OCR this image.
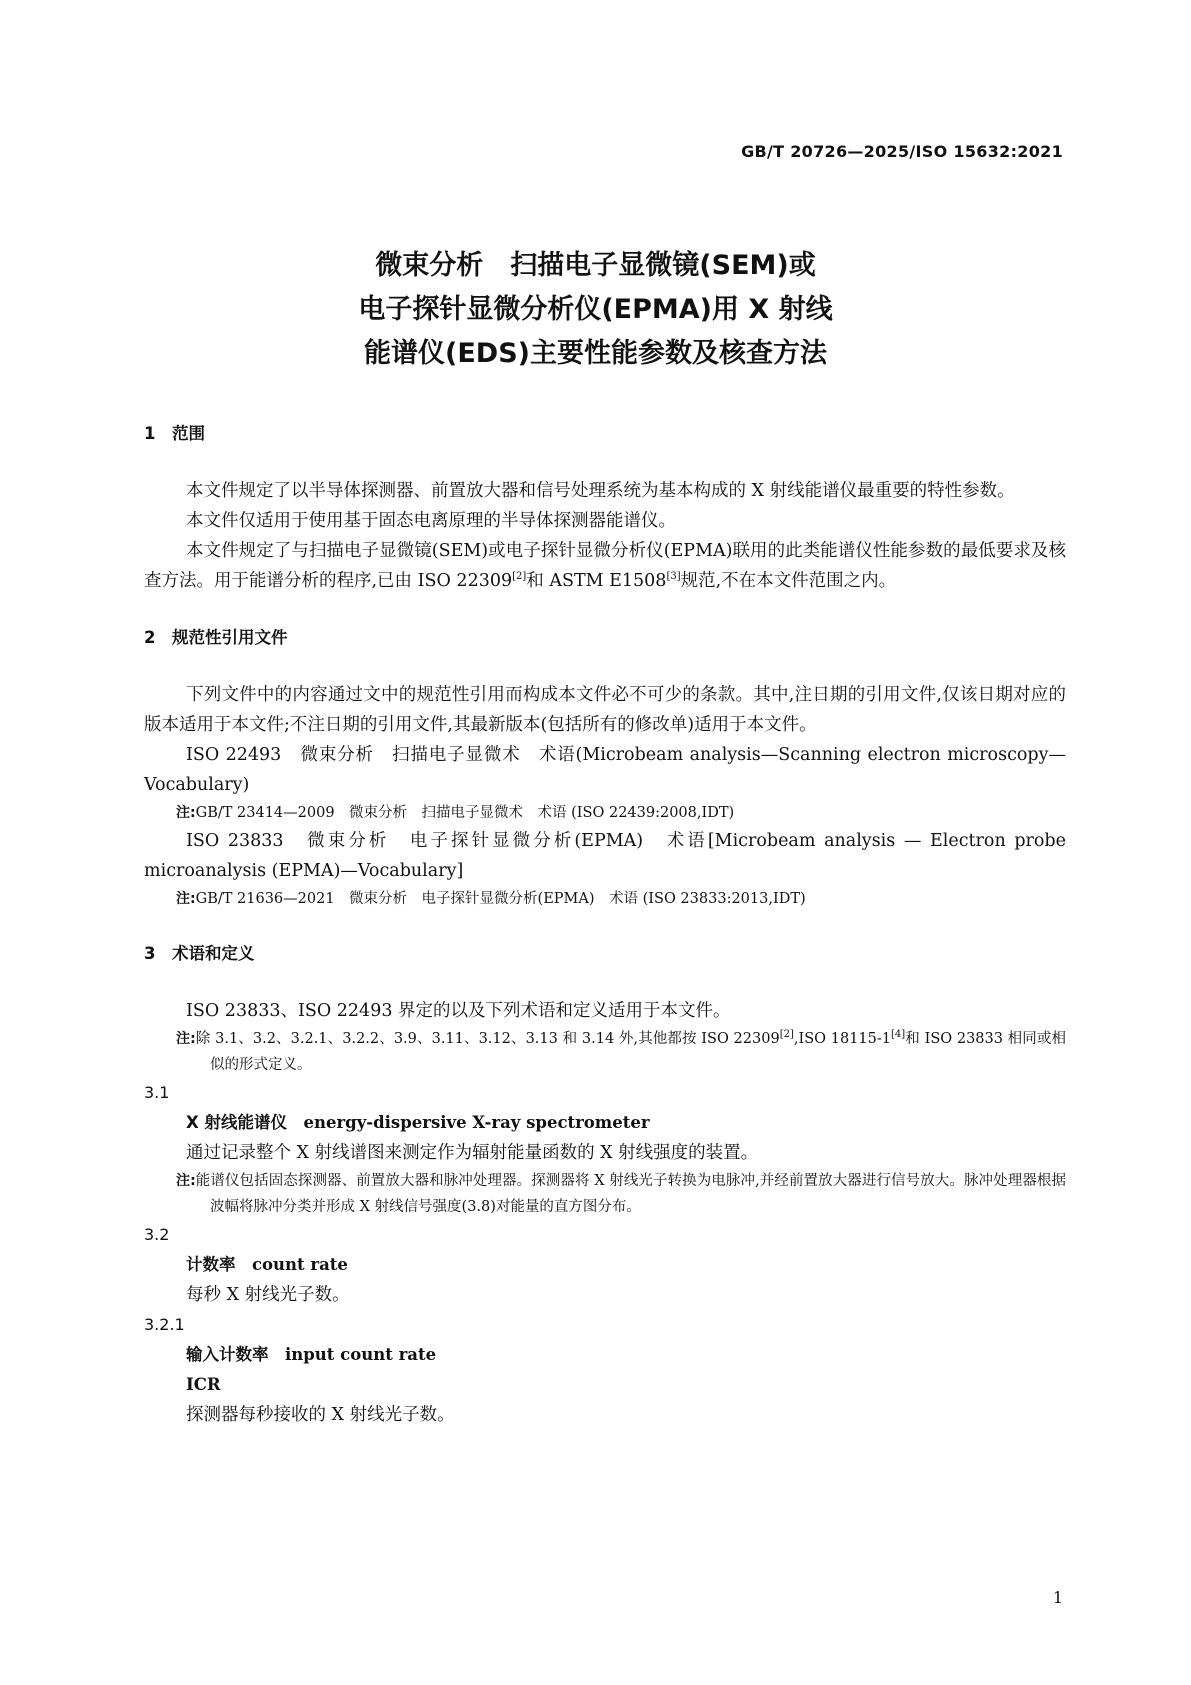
GB/T 20726—2025/ISO 15632:2021
微束分析　扫描电子显微镜(SEM)或
电子探针显微分析仪(EPMA)用 X 射线
能谱仪(EDS)主要性能参数及核查方法
1　范围

本文件规定了以半导体探测器、前置放大器和信号处理系统为基本构成的 X 射线能谱仪最重要的特性参数。

本文件仅适用于使用基于固态电离原理的半导体探测器能谱仪。

本文件规定了与扫描电子显微镜(SEM)或电子探针显微分析仪(EPMA)联用的此类能谱仪性能参数的最低要求及核查方法。用于能谱分析的程序,已由 ISO 22309[2]和 ASTM E1508[3]规范,不在本文件范围之内。

2　规范性引用文件

下列文件中的内容通过文中的规范性引用而构成本文件必不可少的条款。其中,注日期的引用文件,仅该日期对应的版本适用于本文件;不注日期的引用文件,其最新版本(包括所有的修改单)适用于本文件。

ISO 22493　微束分析　扫描电子显微术　术语(Microbeam analysis—Scanning electron microscopy—Vocabulary)

注:GB/T 23414—2009　微束分析　扫描电子显微术　术语 (ISO 22439:2008,IDT)

ISO 23833　微束分析　电子探针显微分析(EPMA)　术语[Microbeam analysis — Electron probe microanalysis (EPMA)—Vocabulary]

注:GB/T 21636—2021　微束分析　电子探针显微分析(EPMA)　术语 (ISO 23833:2013,IDT)

3　术语和定义

ISO 23833、ISO 22493 界定的以及下列术语和定义适用于本文件。

注:除 3.1、3.2、3.2.1、3.2.2、3.9、3.11、3.12、3.13 和 3.14 外,其他都按 ISO 22309[2],ISO 18115-1[4]和 ISO 23833 相同或相似的形式定义。

3.1

X 射线能谱仪　 energy-dispersive X-ray spectrometer

通过记录整个 X 射线谱图来测定作为辐射能量函数的 X 射线强度的装置。

注:能谱仪包括固态探测器、前置放大器和脉冲处理器。探测器将 X 射线光子转换为电脉冲,并经前置放大器进行信号放大。脉冲处理器根据波幅将脉冲分类并形成 X 射线信号强度(3.8)对能量的直方图分布。

3.2

计数率　 count rate

每秒 X 射线光子数。

3.2.1

输入计数率　 input count rate

ICR

探测器每秒接收的 X 射线光子数。

1
